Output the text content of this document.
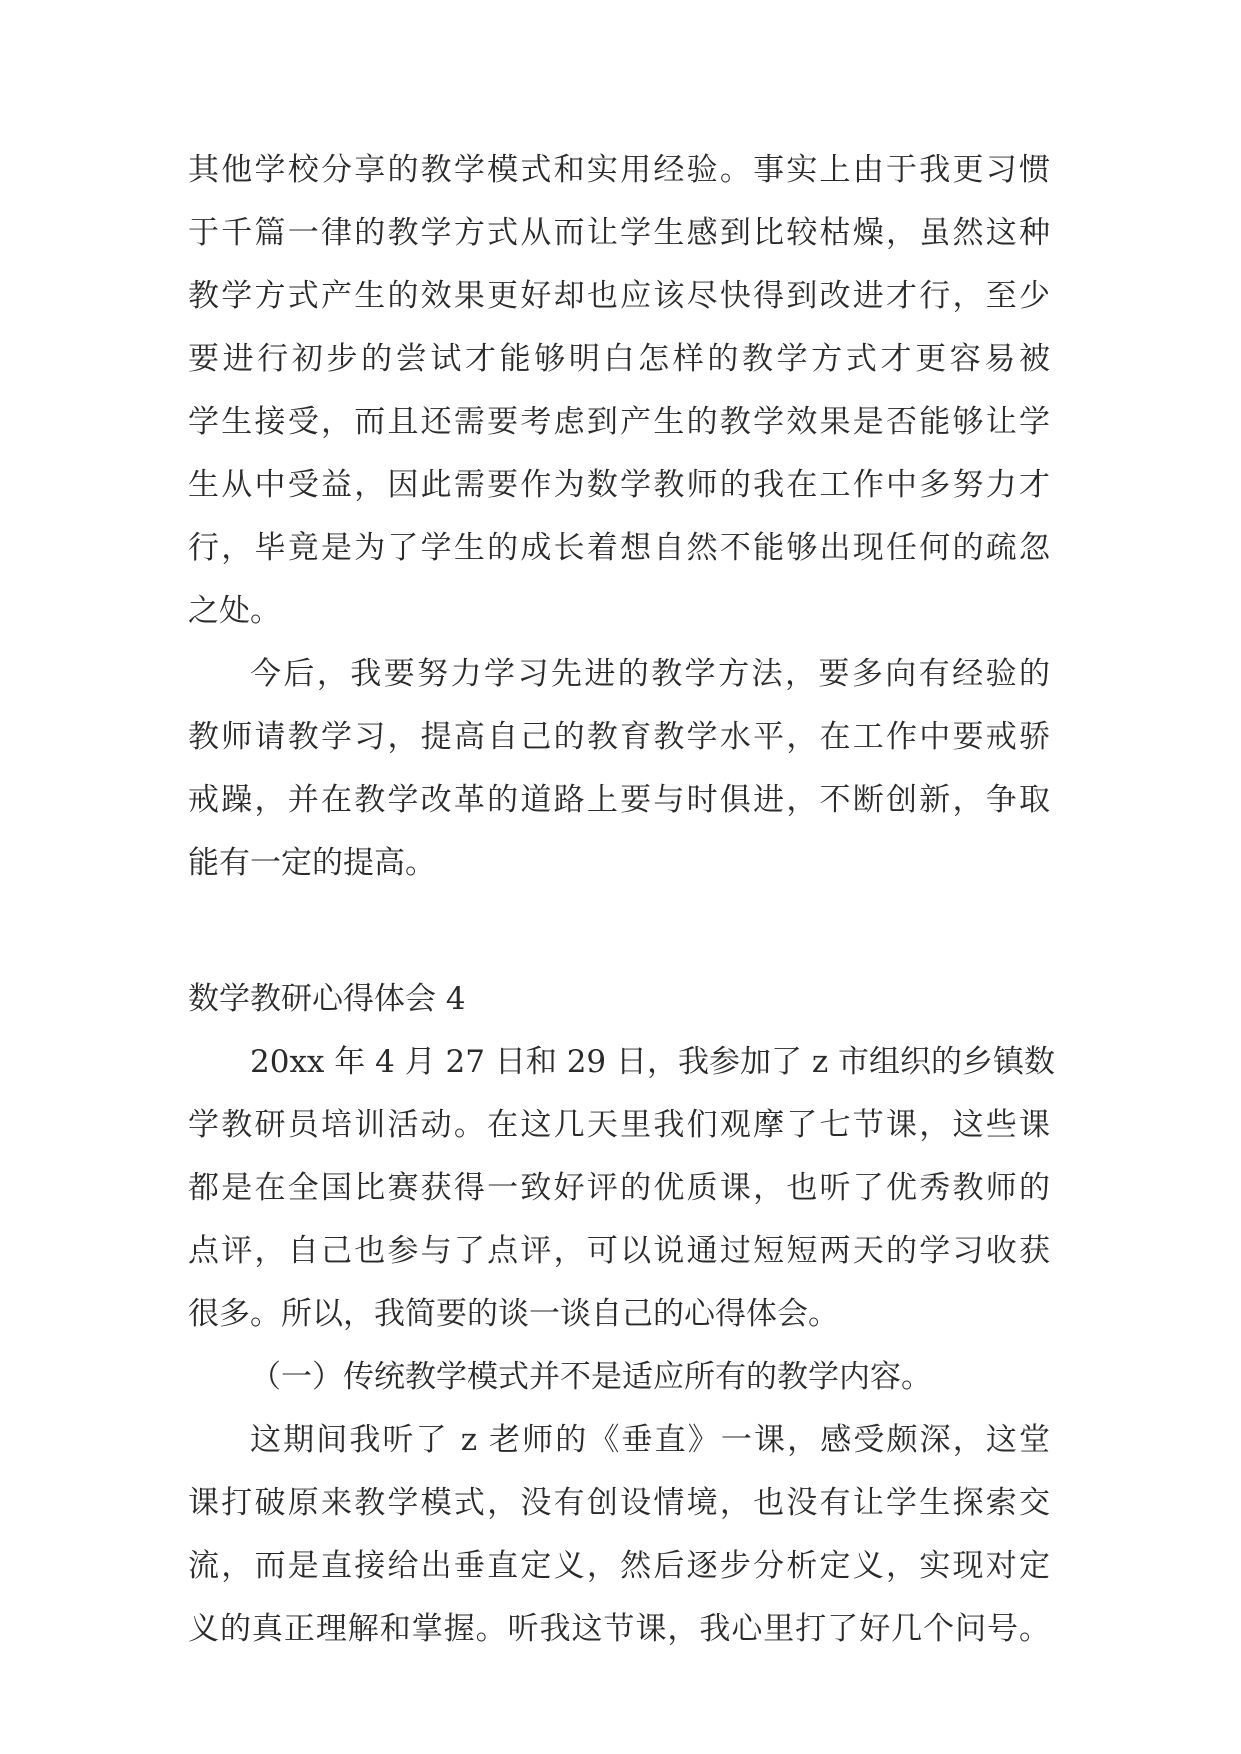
其他学校分享的教学模式和实用经验。事实上由于我更习惯

于千篇一律的教学方式从而让学生感到比较枯燥，虽然这种

教学方式产生的效果更好却也应该尽快得到改进才行，至少

要进行初步的尝试才能够明白怎样的教学方式才更容易被

学生接受，而且还需要考虑到产生的教学效果是否能够让学

生从中受益，因此需要作为数学教师的我在工作中多努力才

行，毕竟是为了学生的成长着想自然不能够出现任何的疏忽

之处。

今后，我要努力学习先进的教学方法，要多向有经验的

教师请教学习，提高自己的教育教学水平，在工作中要戒骄

戒躁，并在教学改革的道路上要与时俱进，不断创新，争取

能有一定的提高。

数学教研心得体会 4

20xx 年 4 月 27 日和 29 日，我参加了 z 市组织的乡镇数

学教研员培训活动。在这几天里我们观摩了七节课，这些课

都是在全国比赛获得一致好评的优质课，也听了优秀教师的

点评，自己也参与了点评，可以说通过短短两天的学习收获

很多。所以，我简要的谈一谈自己的心得体会。

（一）传统教学模式并不是适应所有的教学内容。

这期间我听了 z 老师的《垂直》一课，感受颇深，这堂

课打破原来教学模式，没有创设情境，也没有让学生探索交

流，而是直接给出垂直定义，然后逐步分析定义，实现对定

义的真正理解和掌握。听我这节课，我心里打了好几个问号。
